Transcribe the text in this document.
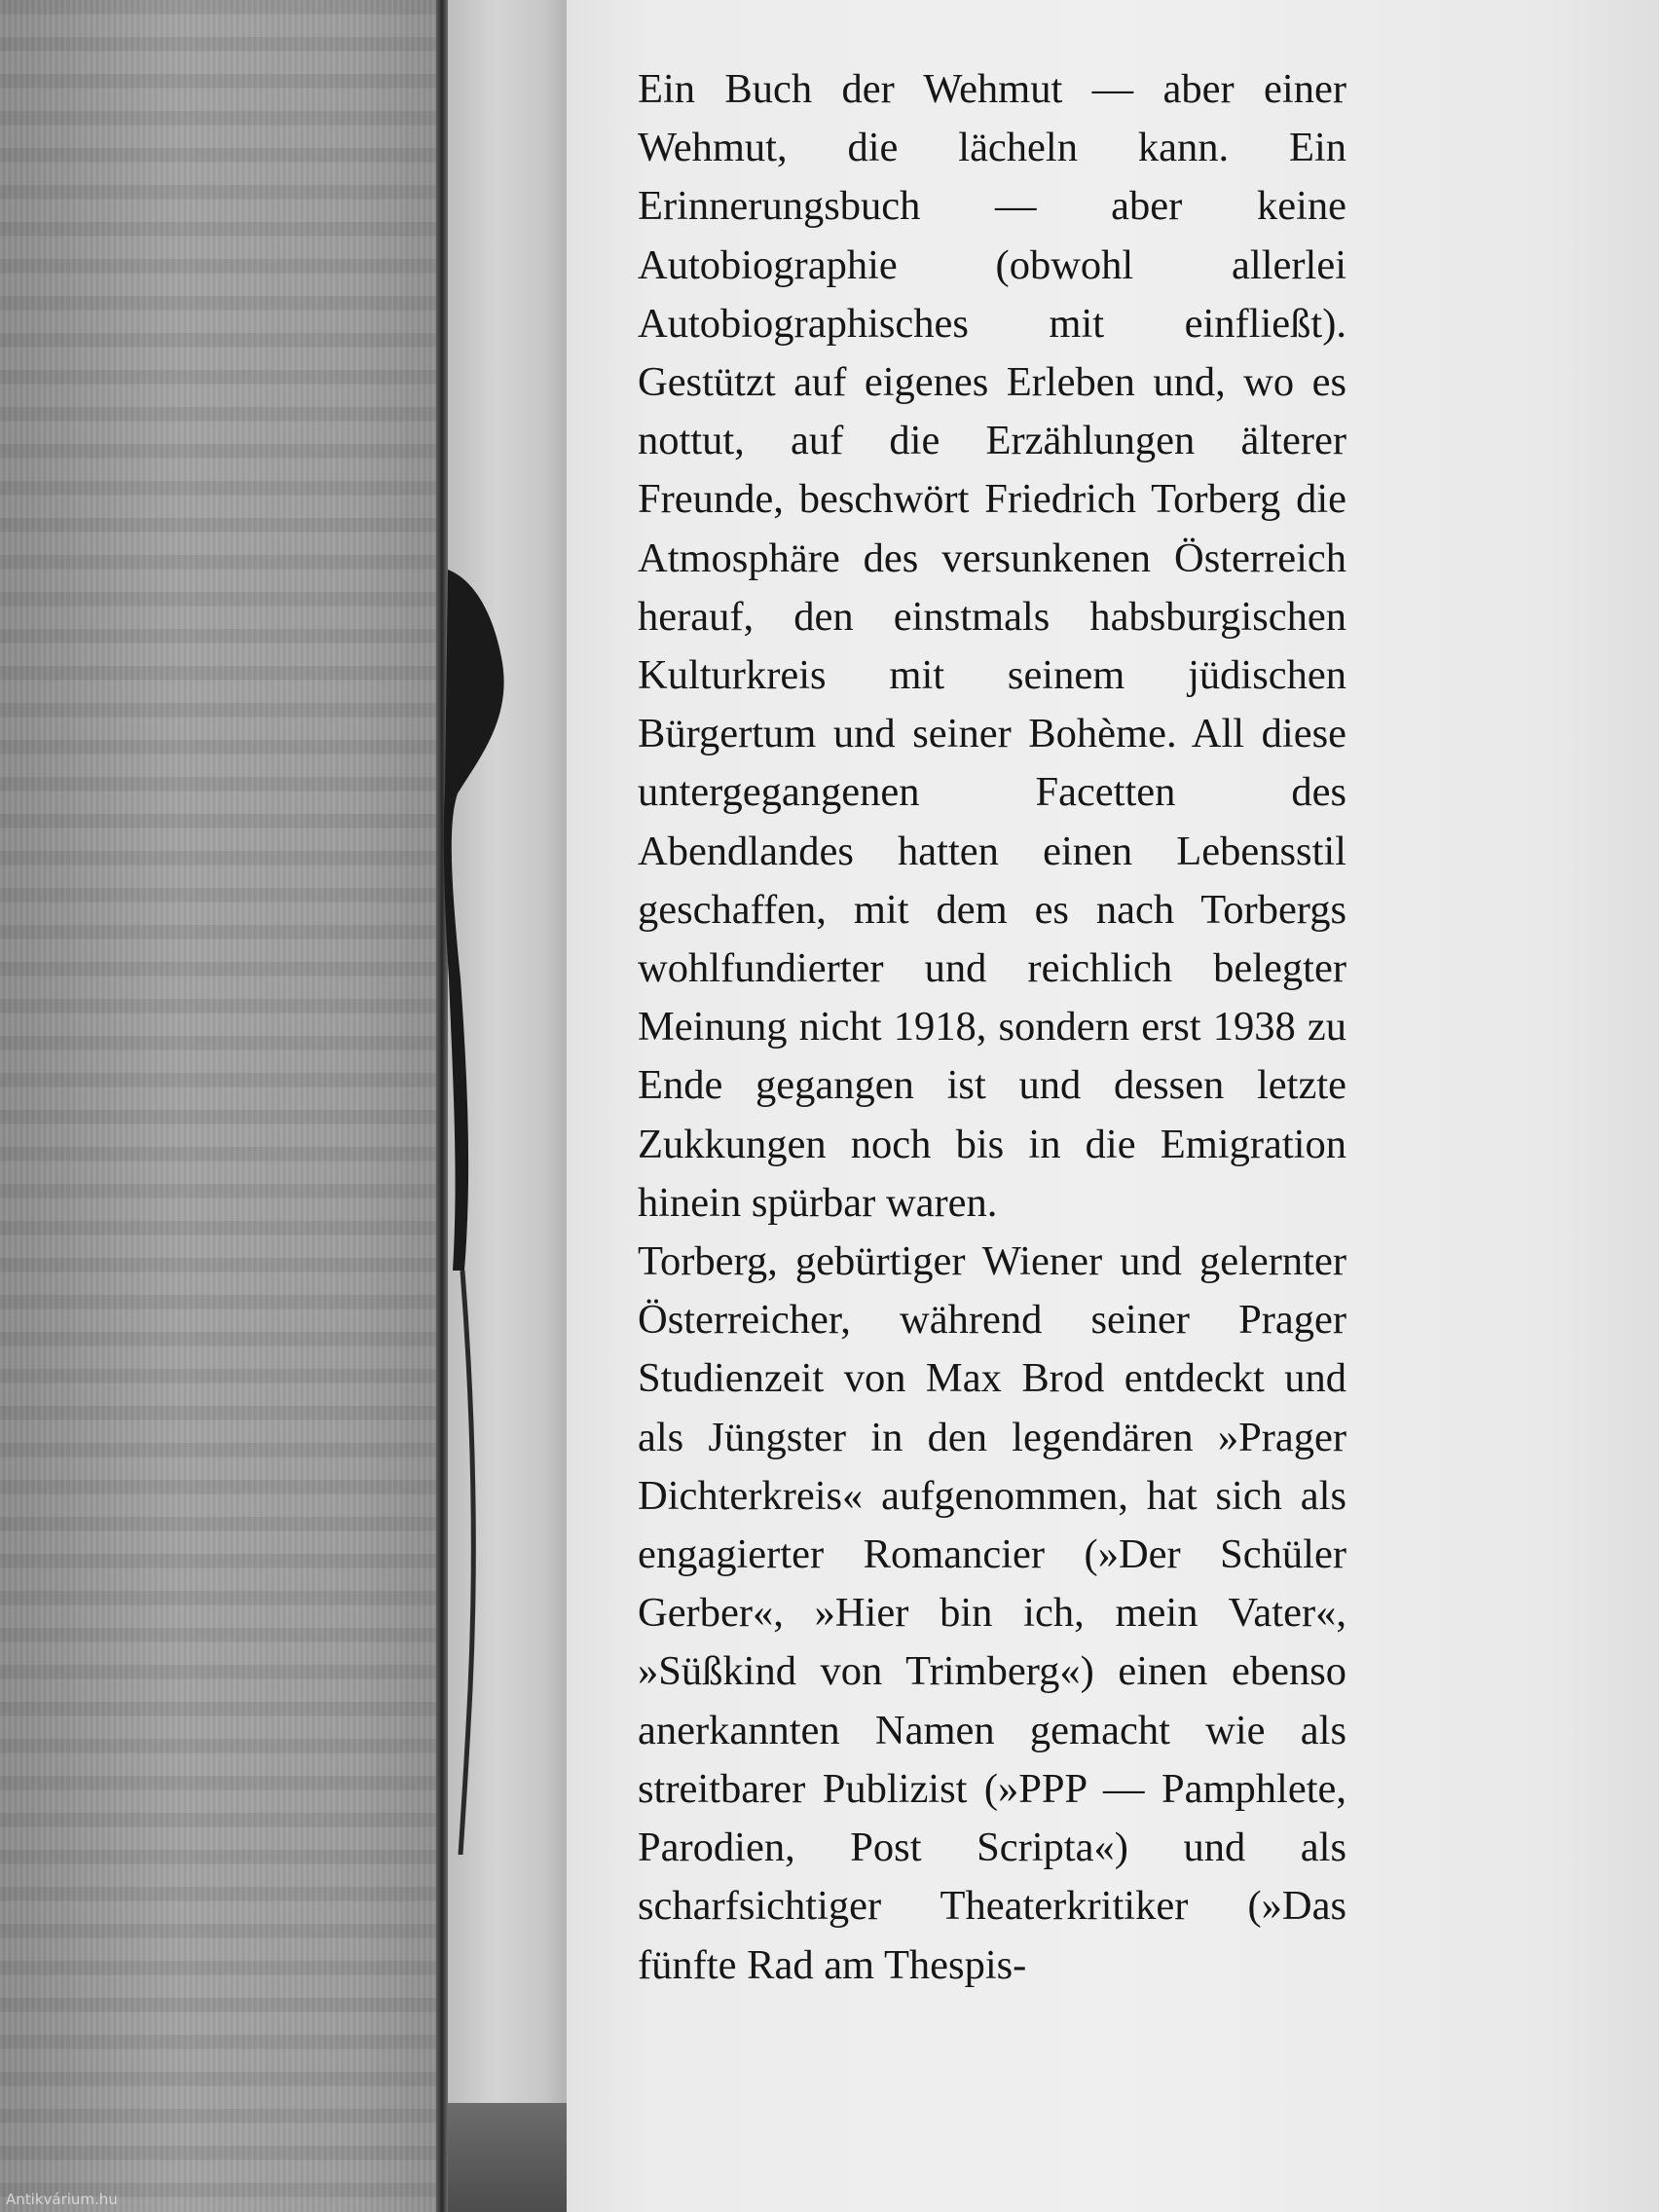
Ein Buch der Wehmut — aber einer Wehmut, die lächeln kann. Ein Erinnerungsbuch — aber keine Autobiographie (obwohl allerlei Autobiographisches mit einfließt). Gestützt auf eigenes Erleben und, wo es nottut, auf die Erzählungen älterer Freunde, beschwört Friedrich Torberg die Atmosphäre des versunkenen Österreich herauf, den einstmals habsburgischen Kulturkreis mit seinem jüdischen Bürgertum und seiner Bohème. All diese untergegangenen Facetten des Abendlandes hatten einen Lebensstil geschaffen, mit dem es nach Torbergs wohlfundierter und reichlich belegter Meinung nicht 1918, sondern erst 1938 zu Ende gegangen ist und dessen letzte Zukkungen noch bis in die Emigration hinein spürbar waren.

Torberg, gebürtiger Wiener und gelernter Österreicher, während seiner Prager Studienzeit von Max Brod entdeckt und als Jüngster in den legendären »Prager Dichterkreis« aufgenommen, hat sich als engagierter Romancier (»Der Schüler Gerber«, »Hier bin ich, mein Vater«, »Süßkind von Trimberg«) einen ebenso anerkannten Namen gemacht wie als streitbarer Publizist (»PPP — Pamphlete, Parodien, Post Scripta«) und als scharfsichtiger Theaterkritiker (»Das fünfte Rad am Thespis-

Antikvárium.hu
